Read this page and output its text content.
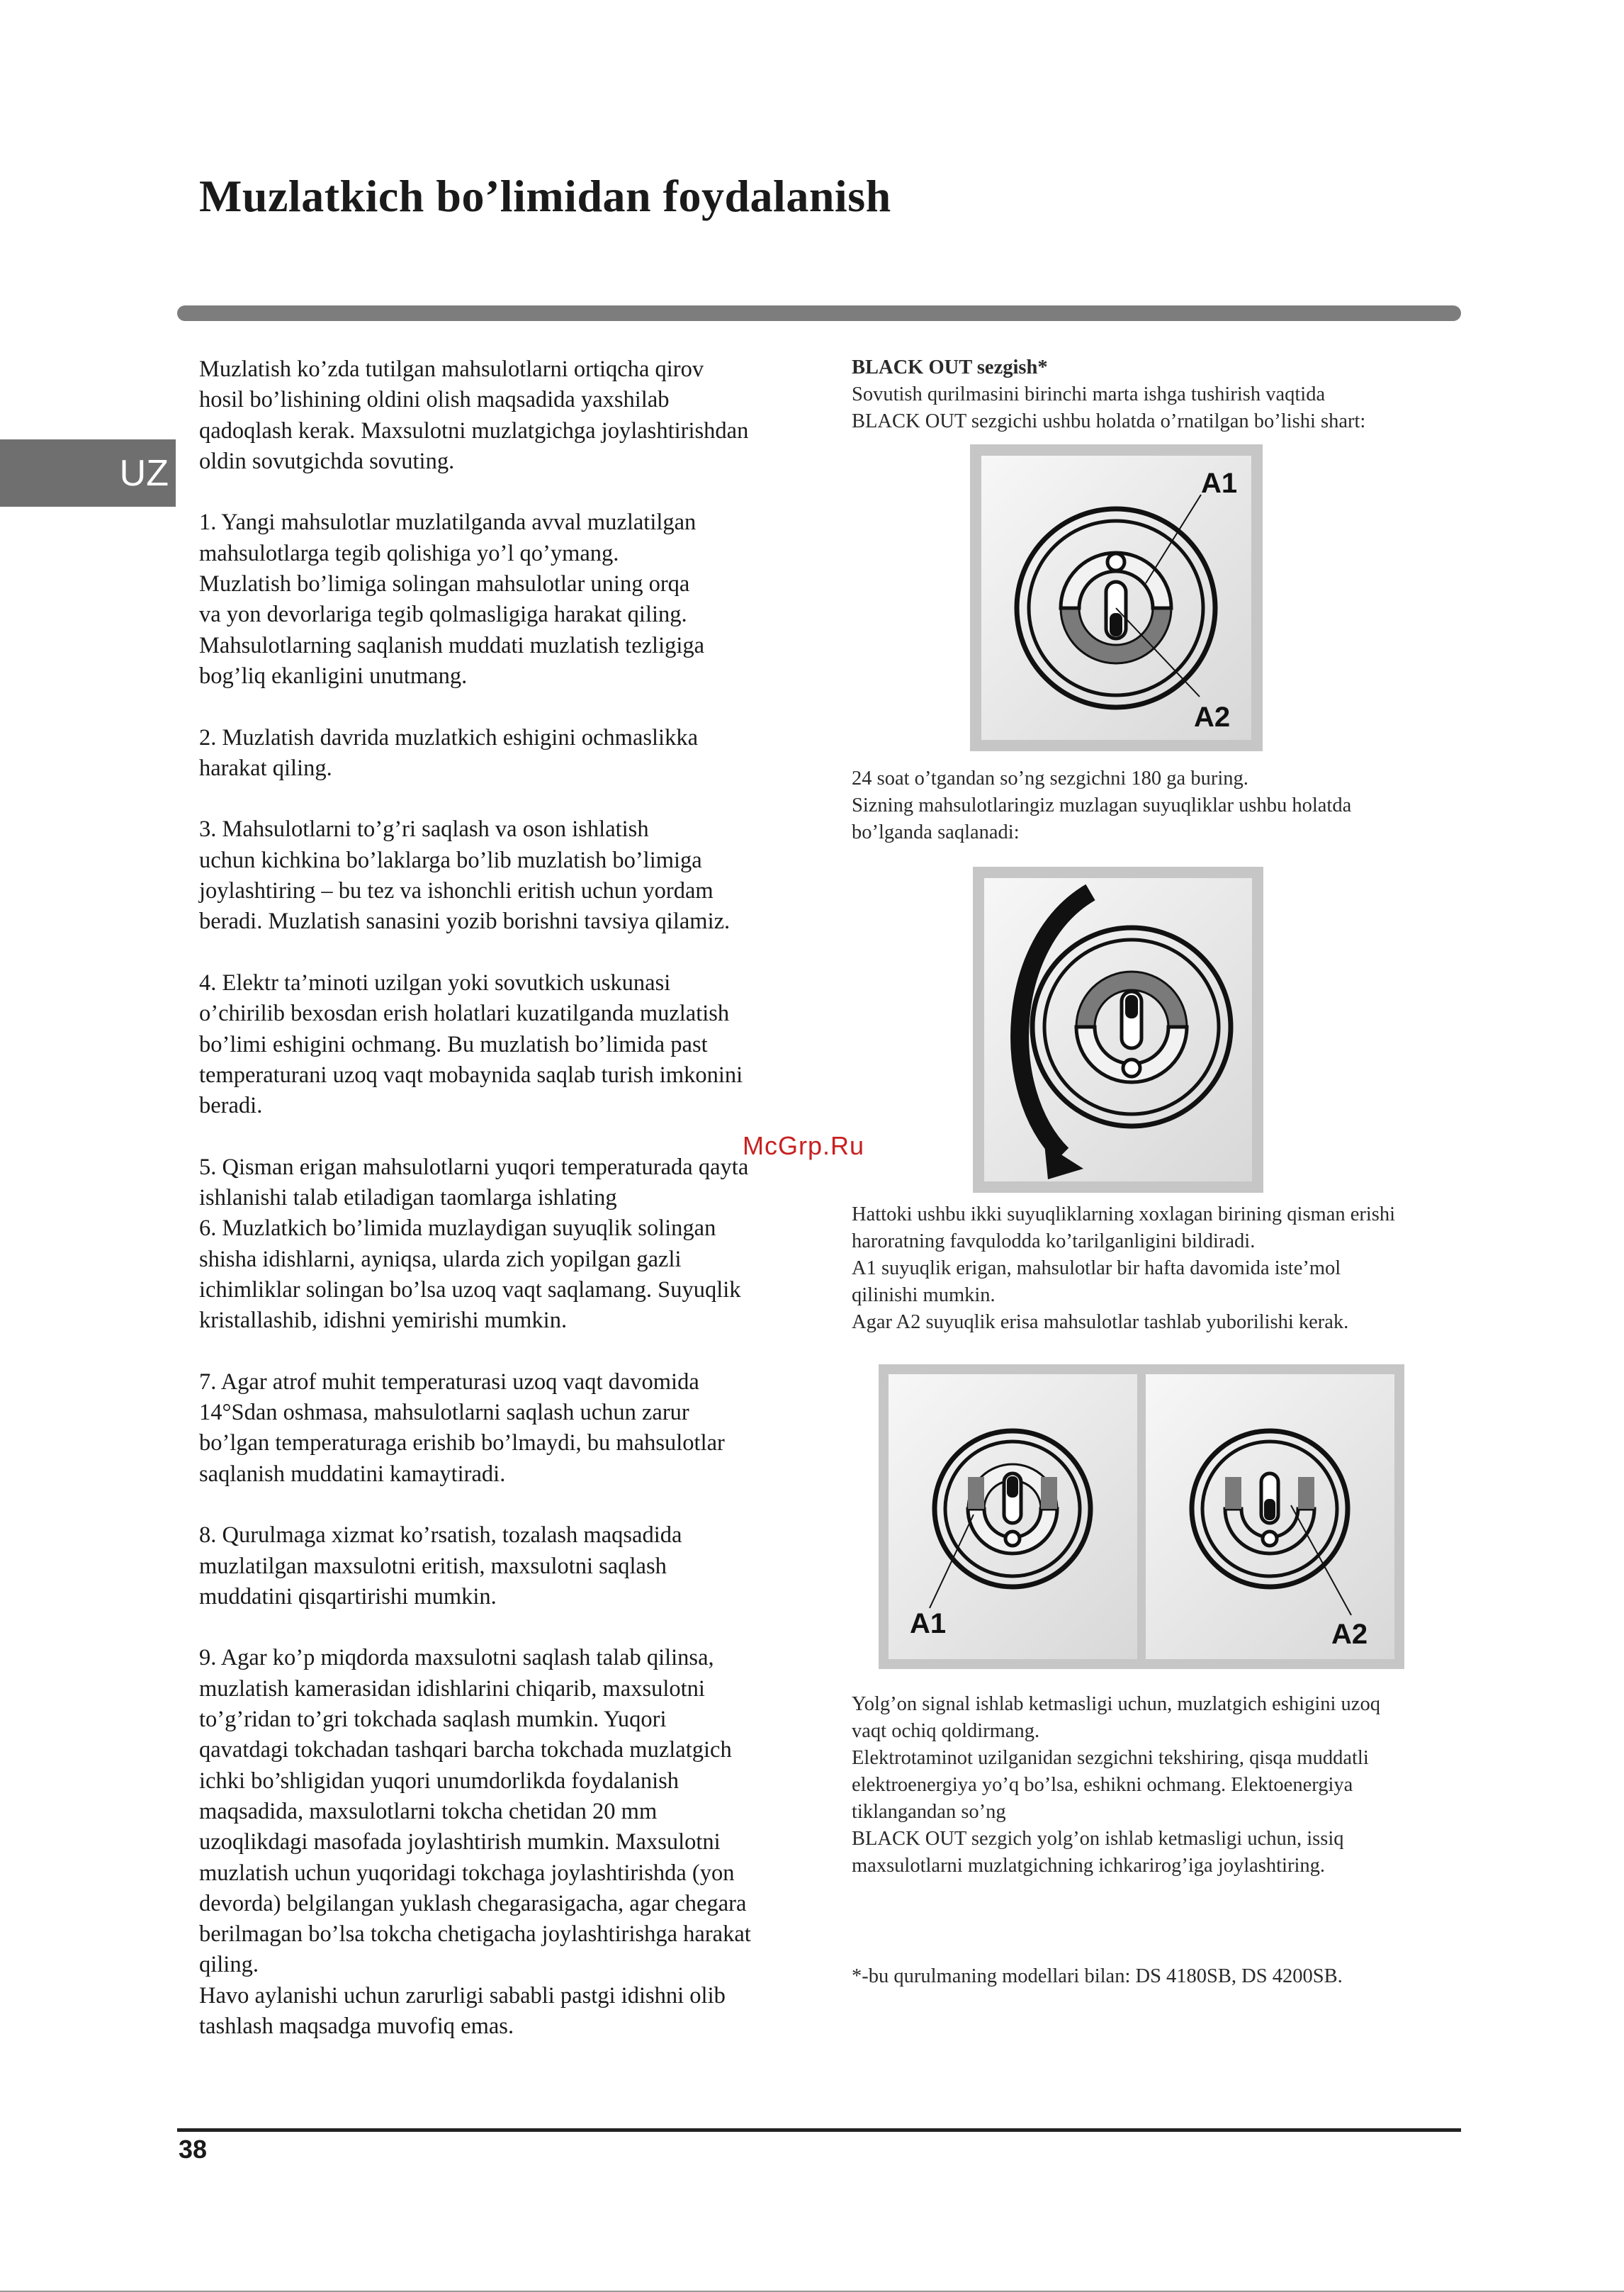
Muzlatkich bo’limidan foydalanish
UZ

Muzlatish ko’zda tutilgan mahsulotlarni ortiqcha qirov
hosil bo’lishining oldini olish maqsadida yaxshilab
qadoqlash kerak. Maxsulotni muzlatgichga joylashtirishdan
oldin sovutgichda sovuting.

1. Yangi mahsulotlar muzlatilganda avval muzlatilgan
mahsulotlarga tegib qolishiga yo’l qo’ymang.
Muzlatish bo’limiga solingan mahsulotlar uning orqa
va yon devorlariga tegib qolmasligiga harakat qiling.
Mahsulotlarning saqlanish muddati muzlatish tezligiga
bog’liq ekanligini unutmang.

2. Muzlatish davrida muzlatkich eshigini ochmaslikka
harakat qiling.

3. Mahsulotlarni to’g’ri saqlash va oson ishlatish
uchun kichkina bo’laklarga bo’lib muzlatish bo’limiga
joylashtiring – bu tez va ishonchli eritish uchun yordam
beradi. Muzlatish sanasini yozib borishni tavsiya qilamiz.

4. Elektr ta’minoti uzilgan yoki sovutkich uskunasi
o’chirilib bexosdan erish holatlari kuzatilganda muzlatish
bo’limi eshigini ochmang. Bu muzlatish bo’limida past
temperaturani uzoq vaqt mobaynida saqlab turish imkonini
beradi.

5. Qisman erigan mahsulotlarni yuqori temperaturada qayta
ishlanishi talab etiladigan taomlarga ishlating
6. Muzlatkich bo’limida muzlaydigan suyuqlik solingan
shisha idishlarni, ayniqsa, ularda zich yopilgan gazli
ichimliklar solingan bo’lsa uzoq vaqt saqlamang. Suyuqlik
kristallashib, idishni yemirishi mumkin.

7. Agar atrof muhit temperaturasi uzoq vaqt davomida
14°Sdan oshmasa, mahsulotlarni saqlash uchun zarur
bo’lgan temperaturaga erishib bo’lmaydi, bu mahsulotlar
saqlanish muddatini kamaytiradi.

8. Qurulmaga xizmat ko’rsatish, tozalash maqsadida
muzlatilgan maxsulotni eritish, maxsulotni saqlash
muddatini qisqartirishi mumkin.

9. Agar ko’p miqdorda maxsulotni saqlash talab qilinsa,
muzlatish kamerasidan idishlarini chiqarib, maxsulotni
to’g’ridan to’gri tokchada saqlash mumkin. Yuqori
qavatdagi tokchadan tashqari barcha tokchada muzlatgich
ichki bo’shligidan yuqori unumdorlikda foydalanish
maqsadida, maxsulotlarni tokcha chetidan 20 mm
uzoqlikdagi masofada joylashtirish mumkin. Maxsulotni
muzlatish uchun yuqoridagi tokchaga joylashtirishda (yon
devorda) belgilangan yuklash chegarasigacha, agar chegara
berilmagan bo’lsa tokcha chetigacha joylashtirishga harakat
qiling.
Havo aylanishi uchun zarurligi sababli pastgi idishni olib
tashlash maqsadga muvofiq emas.

BLACK OUT sezgish*
Sovutish qurilmasini birinchi marta ishga tushirish vaqtida
BLACK OUT sezgichi ushbu holatda o’rnatilgan bo’lishi shart:
A1
A2
24 soat o’tgandan so’ng sezgichni 180 ga buring.
Sizning mahsulotlaringiz muzlagan suyuqliklar ushbu holatda
bo’lganda saqlanadi:
Hattoki ushbu ikki suyuqliklarning xoxlagan birining qisman erishi
haroratning favqulodda ko’tarilganligini bildiradi.
A1 suyuqlik erigan, mahsulotlar bir hafta davomida iste’mol
qilinishi mumkin.
Agar A2 suyuqlik erisa mahsulotlar tashlab yuborilishi kerak.
A1	A2
Yolg’on signal ishlab ketmasligi uchun, muzlatgich eshigini uzoq
vaqt ochiq qoldirmang.
Elektrotaminot uzilganidan sezgichni tekshiring, qisqa muddatli
elektroenergiya yo’q bo’lsa, eshikni ochmang. Elektoenergiya
tiklangandan so’ng
BLACK OUT sezgich yolg’on ishlab ketmasligi uchun, issiq
maxsulotlarni muzlatgichning ichkarirog’iga joylashtiring.
*-bu qurulmaning modellari bilan: DS 4180SB, DS 4200SB.
McGrp.Ru
38
